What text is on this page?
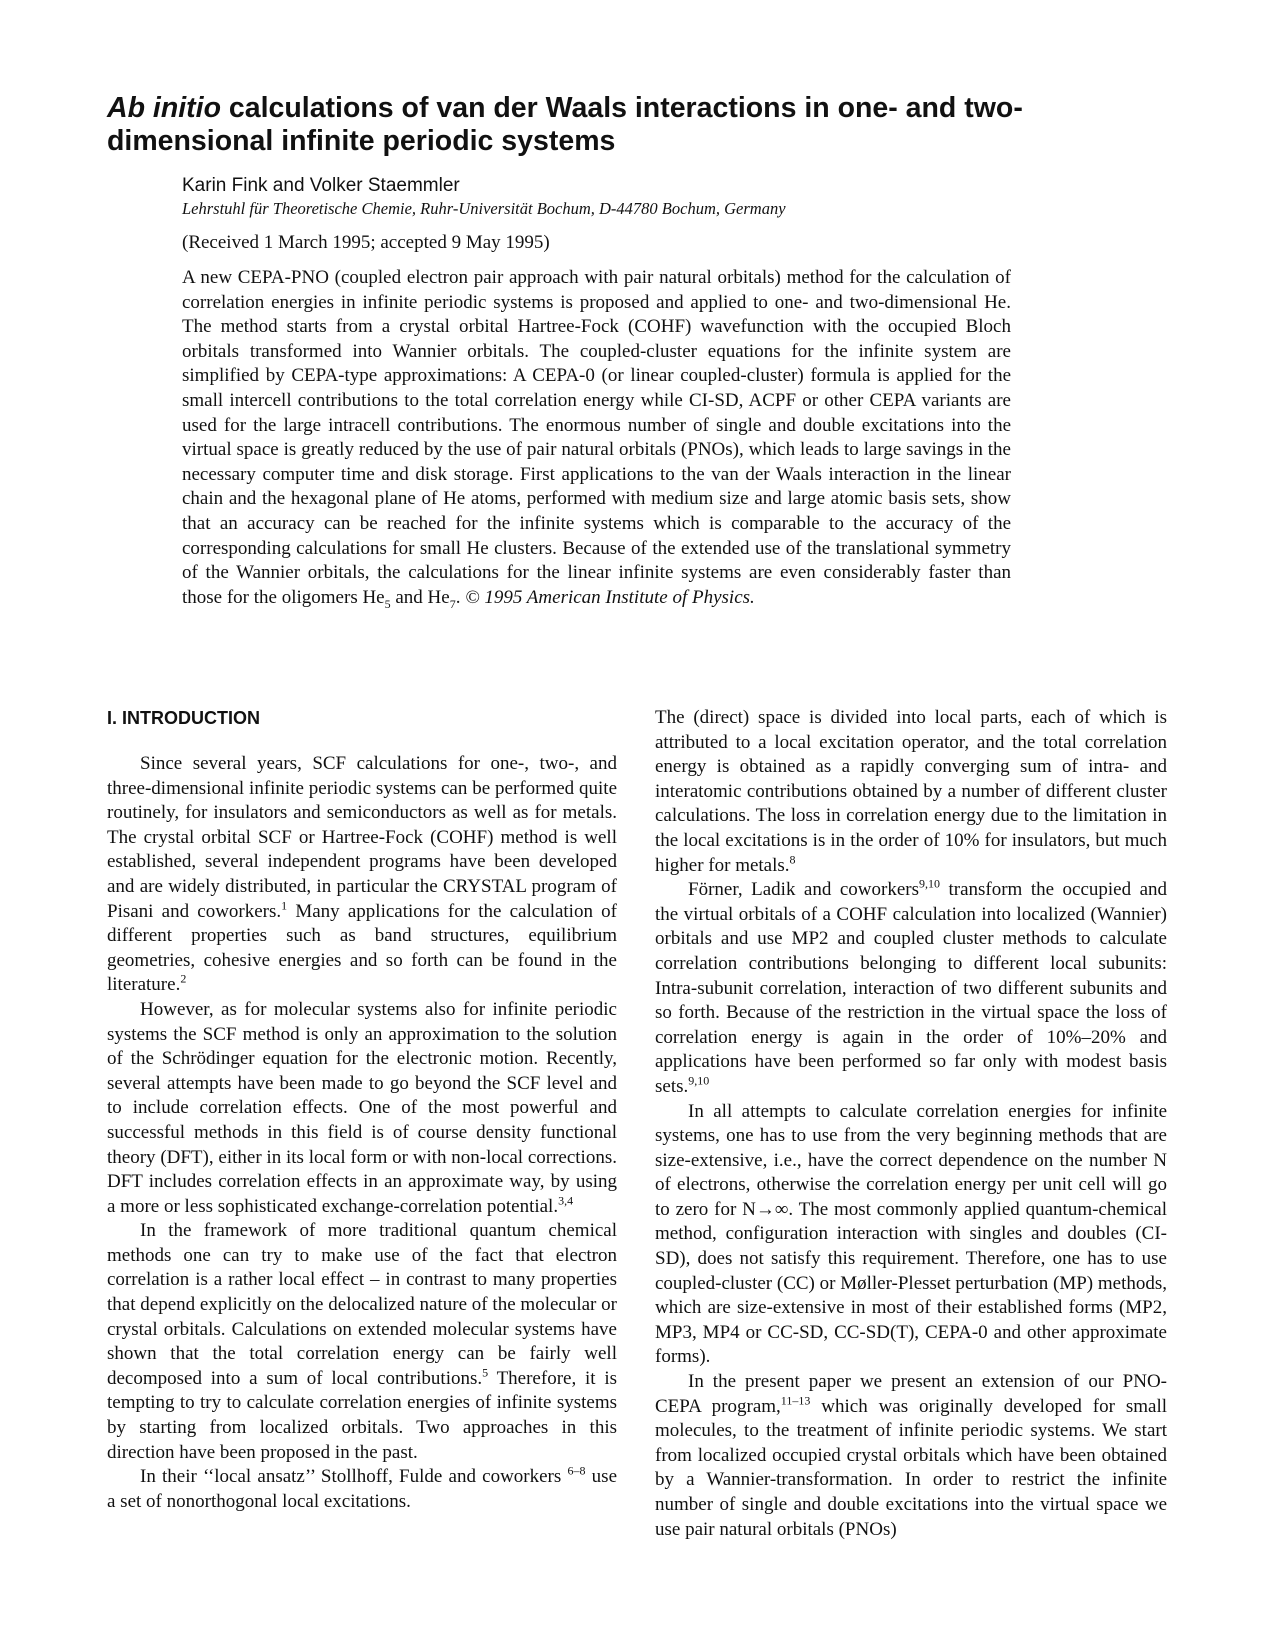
Ab initio calculations of van der Waals interactions in one- and two-dimensional infinite periodic systems

Karin Fink and Volker Staemmler

Lehrstuhl für Theoretische Chemie, Ruhr-Universität Bochum, D-44780 Bochum, Germany

(Received 1 March 1995; accepted 9 May 1995)

A new CEPA-PNO (coupled electron pair approach with pair natural orbitals) method for the calculation of correlation energies in infinite periodic systems is proposed and applied to one- and two-dimensional He. The method starts from a crystal orbital Hartree-Fock (COHF) wavefunction with the occupied Bloch orbitals transformed into Wannier orbitals. The coupled-cluster equations for the infinite system are simplified by CEPA-type approximations: A CEPA-0 (or linear coupled-cluster) formula is applied for the small intercell contributions to the total correlation energy while CI-SD, ACPF or other CEPA variants are used for the large intracell contributions. The enormous number of single and double excitations into the virtual space is greatly reduced by the use of pair natural orbitals (PNOs), which leads to large savings in the necessary computer time and disk storage. First applications to the van der Waals interaction in the linear chain and the hexagonal plane of He atoms, performed with medium size and large atomic basis sets, show that an accuracy can be reached for the infinite systems which is comparable to the accuracy of the corresponding calculations for small He clusters. Because of the extended use of the translational symmetry of the Wannier orbitals, the calculations for the linear infinite systems are even considerably faster than those for the oligomers $He_5$ and $He_7$. © 1995 American Institute of Physics.

I. INTRODUCTION

Since several years, SCF calculations for one-, two-, and three-dimensional infinite periodic systems can be performed quite routinely, for insulators and semiconductors as well as for metals. The crystal orbital SCF or Hartree-Fock (COHF) method is well established, several independent programs have been developed and are widely distributed, in particular the CRYSTAL program of Pisani and coworkers.$^1$ Many applications for the calculation of different properties such as band structures, equilibrium geometries, cohesive energies and so forth can be found in the literature.$^2$

However, as for molecular systems also for infinite periodic systems the SCF method is only an approximation to the solution of the Schrödinger equation for the electronic motion. Recently, several attempts have been made to go beyond the SCF level and to include correlation effects. One of the most powerful and successful methods in this field is of course density functional theory (DFT), either in its local form or with non-local corrections. DFT includes correlation effects in an approximate way, by using a more or less sophisticated exchange-correlation potential.$^{3,4}$

In the framework of more traditional quantum chemical methods one can try to make use of the fact that electron correlation is a rather local effect – in contrast to many properties that depend explicitly on the delocalized nature of the molecular or crystal orbitals. Calculations on extended molecular systems have shown that the total correlation energy can be fairly well decomposed into a sum of local contributions.$^5$ Therefore, it is tempting to try to calculate correlation energies of infinite systems by starting from localized orbitals. Two approaches in this direction have been proposed in the past.

In their ‘‘local ansatz’’ Stollhoff, Fulde and coworkers $^{6-8}$ use a set of nonorthogonal local excitations.

The (direct) space is divided into local parts, each of which is attributed to a local excitation operator, and the total correlation energy is obtained as a rapidly converging sum of intra- and interatomic contributions obtained by a number of different cluster calculations. The loss in correlation energy due to the limitation in the local excitations is in the order of 10% for insulators, but much higher for metals.$^8$

Förner, Ladik and coworkers$^{9,10}$ transform the occupied and the virtual orbitals of a COHF calculation into localized (Wannier) orbitals and use MP2 and coupled cluster methods to calculate correlation contributions belonging to different local subunits: Intra-subunit correlation, interaction of two different subunits and so forth. Because of the restriction in the virtual space the loss of correlation energy is again in the order of 10%–20% and applications have been performed so far only with modest basis sets.$^{9,10}$

In all attempts to calculate correlation energies for infinite systems, one has to use from the very beginning methods that are size-extensive, i.e., have the correct dependence on the number N of electrons, otherwise the correlation energy per unit cell will go to zero for N→∞. The most commonly applied quantum-chemical method, configuration interaction with singles and doubles (CI-SD), does not satisfy this requirement. Therefore, one has to use coupled-cluster (CC) or Møller-Plesset perturbation (MP) methods, which are size-extensive in most of their established forms (MP2, MP3, MP4 or CC-SD, CC-SD(T), CEPA-0 and other approximate forms).

In the present paper we present an extension of our PNO-CEPA program,$^{11-13}$ which was originally developed for small molecules, to the treatment of infinite periodic systems. We start from localized occupied crystal orbitals which have been obtained by a Wannier-transformation. In order to restrict the infinite number of single and double excitations into the virtual space we use pair natural orbitals (PNOs)
